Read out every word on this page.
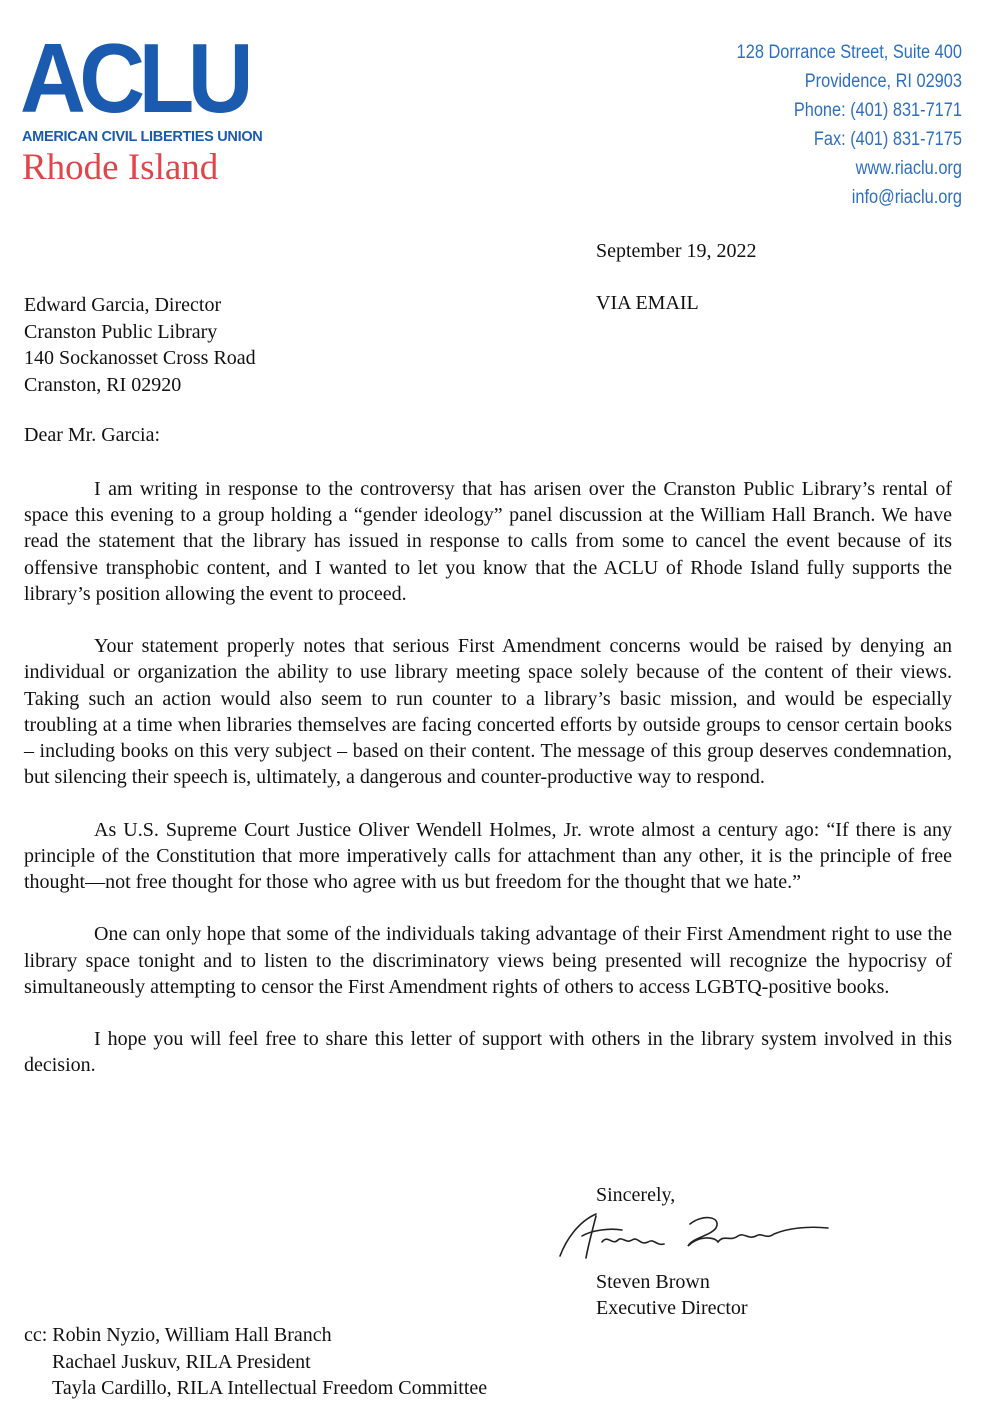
ACLU
AMERICAN CIVIL LIBERTIES UNION
Rhode Island
128 Dorrance Street, Suite 400
Providence, RI 02903
Phone: (401) 831-7171
Fax: (401) 831-7175
www.riaclu.org
info@riaclu.org
September 19, 2022
VIA EMAIL
Edward Garcia, Director
Cranston Public Library
140 Sockanosset Cross Road
Cranston, RI 02920
Dear Mr. Garcia:

I am writing in response to the controversy that has arisen over the Cranston Public Library’s rental of space this evening to a group holding a “gender ideology” panel discussion at the William Hall Branch. We have read the statement that the library has issued in response to calls from some to cancel the event because of its offensive transphobic content, and I wanted to let you know that the ACLU of Rhode Island fully supports the library’s position allowing the event to proceed.

Your statement properly notes that serious First Amendment concerns would be raised by denying an individual or organization the ability to use library meeting space solely because of the content of their views. Taking such an action would also seem to run counter to a library’s basic mission, and would be especially troubling at a time when libraries themselves are facing concerted efforts by outside groups to censor certain books – including books on this very subject – based on their content. The message of this group deserves condemnation, but silencing their speech is, ultimately, a dangerous and counter-productive way to respond.

As U.S. Supreme Court Justice Oliver Wendell Holmes, Jr. wrote almost a century ago: “If there is any principle of the Constitution that more imperatively calls for attachment than any other, it is the principle of free thought—not free thought for those who agree with us but freedom for the thought that we hate.”

One can only hope that some of the individuals taking advantage of their First Amendment right to use the library space tonight and to listen to the discriminatory views being presented will recognize the hypocrisy of simultaneously attempting to censor the First Amendment rights of others to access LGBTQ-positive books.

I hope you will feel free to share this letter of support with others in the library system involved in this decision.

Sincerely,
Steven Brown
Executive Director
cc: Robin Nyzio, William Hall Branch
Rachael Juskuv, RILA President
Tayla Cardillo, RILA Intellectual Freedom Committee
